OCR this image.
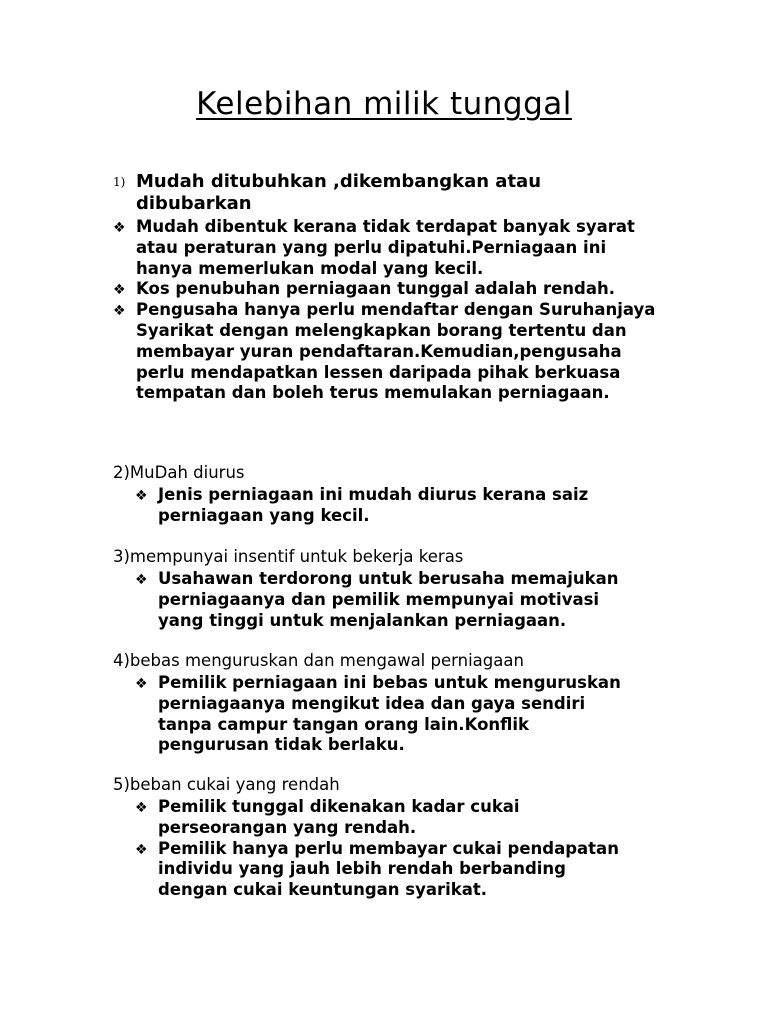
Kelebihan milik tunggal
1) Mudah ditubuhkan ,dikembangkan atau dibubarkan
❖ Mudah dibentuk kerana tidak terdapat banyak syarat atau peraturan yang perlu dipatuhi.Perniagaan ini hanya memerlukan modal yang kecil.
❖ Kos penubuhan perniagaan tunggal adalah rendah.
❖ Pengusaha hanya perlu mendaftar dengan Suruhanjaya Syarikat dengan melengkapkan borang tertentu dan membayar yuran pendaftaran.Kemudian,pengusaha perlu mendapatkan lessen daripada pihak berkuasa tempatan dan boleh terus memulakan perniagaan.
2)MuDah diurus
❖ Jenis perniagaan ini mudah diurus kerana saiz perniagaan yang kecil.
3)mempunyai insentif untuk bekerja keras
❖ Usahawan terdorong untuk berusaha memajukan perniagaanya dan pemilik mempunyai motivasi yang tinggi untuk menjalankan perniagaan.
4)bebas menguruskan dan mengawal perniagaan
❖ Pemilik perniagaan ini bebas untuk menguruskan perniagaanya mengikut idea dan gaya sendiri tanpa campur tangan orang lain.Konflik pengurusan tidak berlaku.
5)beban cukai yang rendah
❖ Pemilik tunggal dikenakan kadar cukai perseorangan yang rendah.
❖ Pemilik hanya perlu membayar cukai pendapatan individu yang jauh lebih rendah berbanding dengan cukai keuntungan syarikat.
